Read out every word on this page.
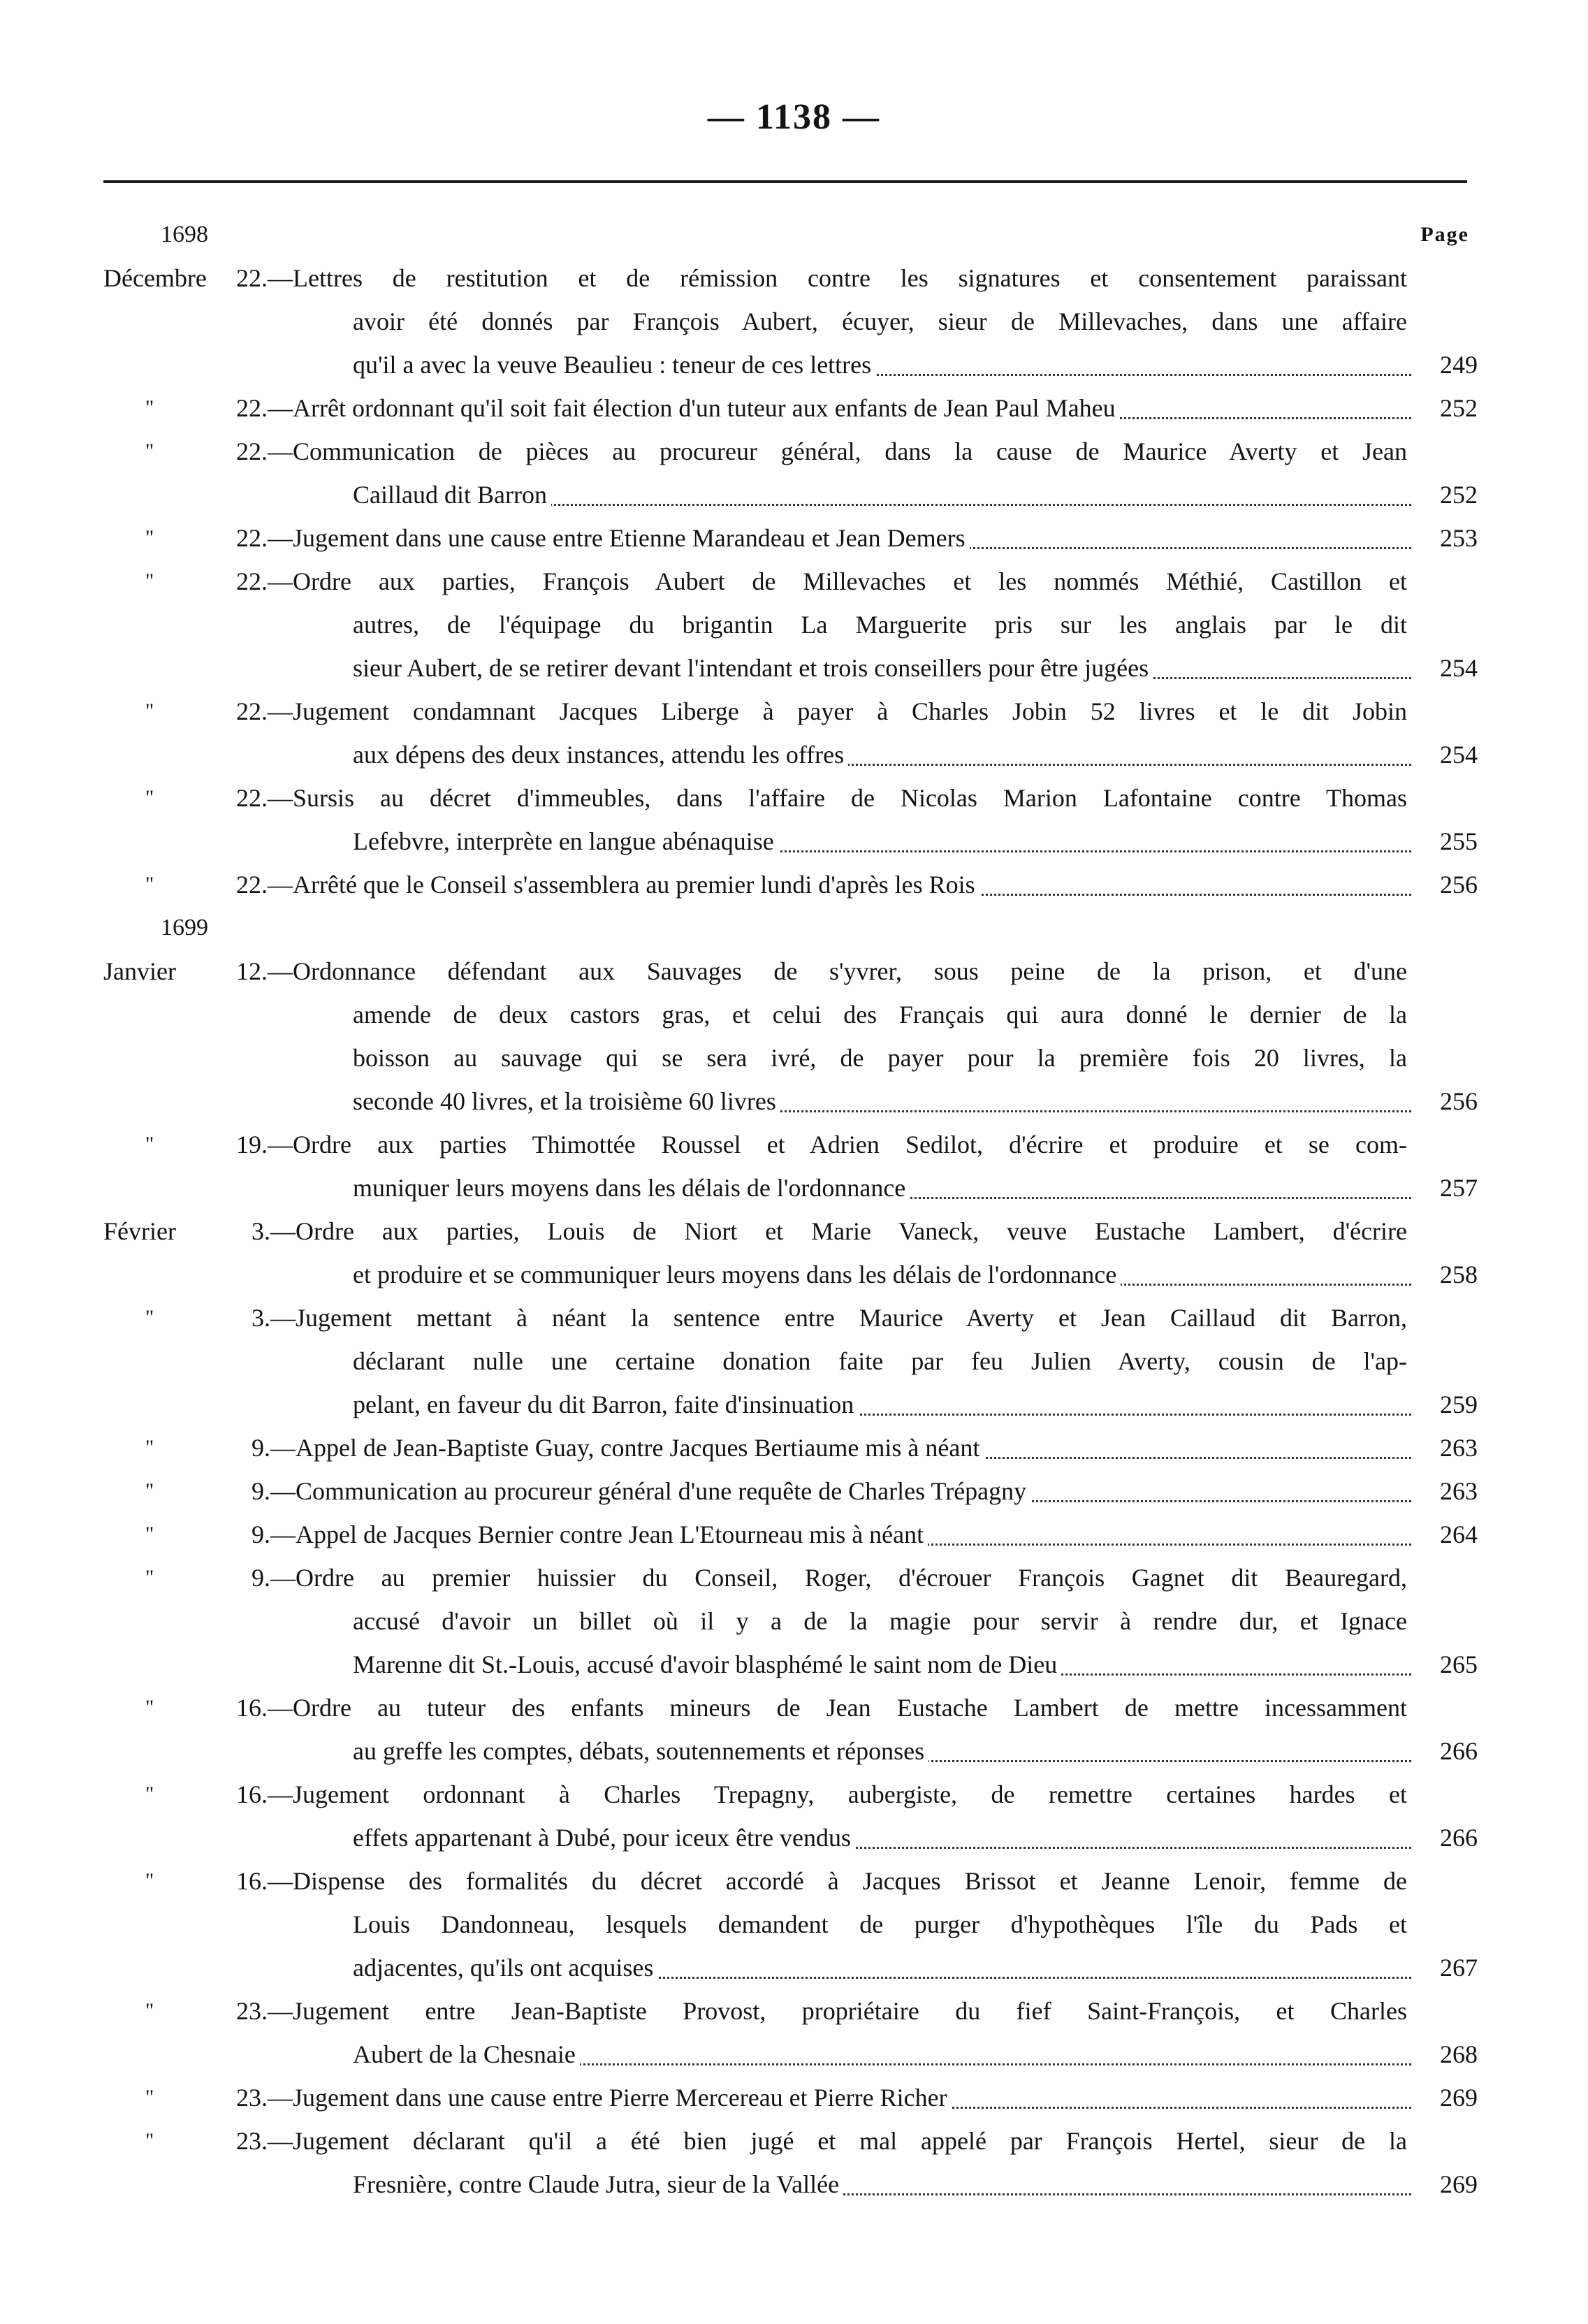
— 1138 —
1698	Page
Décembre 22.—Lettres de restitution et de rémission contre les signatures et consentement paraissant
avoir été donnés par François Aubert, écuyer, sieur de Millevaches, dans une affaire
qu'il a avec la veuve Beaulieu : teneur de ces lettres	249
"	22.—Arrêt ordonnant qu'il soit fait élection d'un tuteur aux enfants de Jean Paul Maheu	252
"	22.—Communication de pièces au procureur général, dans la cause de Maurice Averty et Jean
Caillaud dit Barron	252
"	22.—Jugement dans une cause entre Etienne Marandeau et Jean Demers	253
"	22.—Ordre aux parties, François Aubert de Millevaches et les nommés Méthié, Castillon et
autres, de l'équipage du brigantin La Marguerite pris sur les anglais par le dit
sieur Aubert, de se retirer devant l'intendant et trois conseillers pour être jugées	254
"	22.—Jugement condamnant Jacques Liberge à payer à Charles Jobin 52 livres et le dit Jobin
aux dépens des deux instances, attendu les offres	254
"	22.—Sursis au décret d'immeubles, dans l'affaire de Nicolas Marion Lafontaine contre Thomas
Lefebvre, interprète en langue abénaquise	255
"	22.—Arrêté que le Conseil s'assemblera au premier lundi d'après les Rois	256
1699
Janvier 12.—Ordonnance défendant aux Sauvages de s'yvrer, sous peine de la prison, et d'une
amende de deux castors gras, et celui des Français qui aura donné le dernier de la
boisson au sauvage qui se sera ivré, de payer pour la première fois 20 livres, la
seconde 40 livres, et la troisième 60 livres	256
"	19.—Ordre aux parties Thimottée Roussel et Adrien Sedilot, d'écrire et produire et se com-
muniquer leurs moyens dans les délais de l'ordonnance	257
Février	3.—Ordre aux parties, Louis de Niort et Marie Vaneck, veuve Eustache Lambert, d'écrire
et produire et se communiquer leurs moyens dans les délais de l'ordonnance	258
"	3.—Jugement mettant à néant la sentence entre Maurice Averty et Jean Caillaud dit Barron,
déclarant nulle une certaine donation faite par feu Julien Averty, cousin de l'ap-
pelant, en faveur du dit Barron, faite d'insinuation	259
"	9.—Appel de Jean-Baptiste Guay, contre Jacques Bertiaume mis à néant	263
"	9.—Communication au procureur général d'une requête de Charles Trépagny	263
"	9.—Appel de Jacques Bernier contre Jean L'Etourneau mis à néant	264
"	9.—Ordre au premier huissier du Conseil, Roger, d'écrouer François Gagnet dit Beauregard,
accusé d'avoir un billet où il y a de la magie pour servir à rendre dur, et Ignace
Marenne dit St.-Louis, accusé d'avoir blasphémé le saint nom de Dieu	265
"	16.—Ordre au tuteur des enfants mineurs de Jean Eustache Lambert de mettre incessamment
au greffe les comptes, débats, soutennements et réponses	266
"	16.—Jugement ordonnant à Charles Trepagny, aubergiste, de remettre certaines hardes et
effets appartenant à Dubé, pour iceux être vendus	266
"	16.—Dispense des formalités du décret accordé à Jacques Brissot et Jeanne Lenoir, femme de
Louis Dandonneau, lesquels demandent de purger d'hypothèques l'île du Pads et
adjacentes, qu'ils ont acquises	267
"	23.—Jugement entre Jean-Baptiste Provost, propriétaire du fief Saint-François, et Charles
Aubert de la Chesnaie	268
"	23.—Jugement dans une cause entre Pierre Mercereau et Pierre Richer	269
"	23.—Jugement déclarant qu'il a été bien jugé et mal appelé par François Hertel, sieur de la
Fresnière, contre Claude Jutra, sieur de la Vallée	269
